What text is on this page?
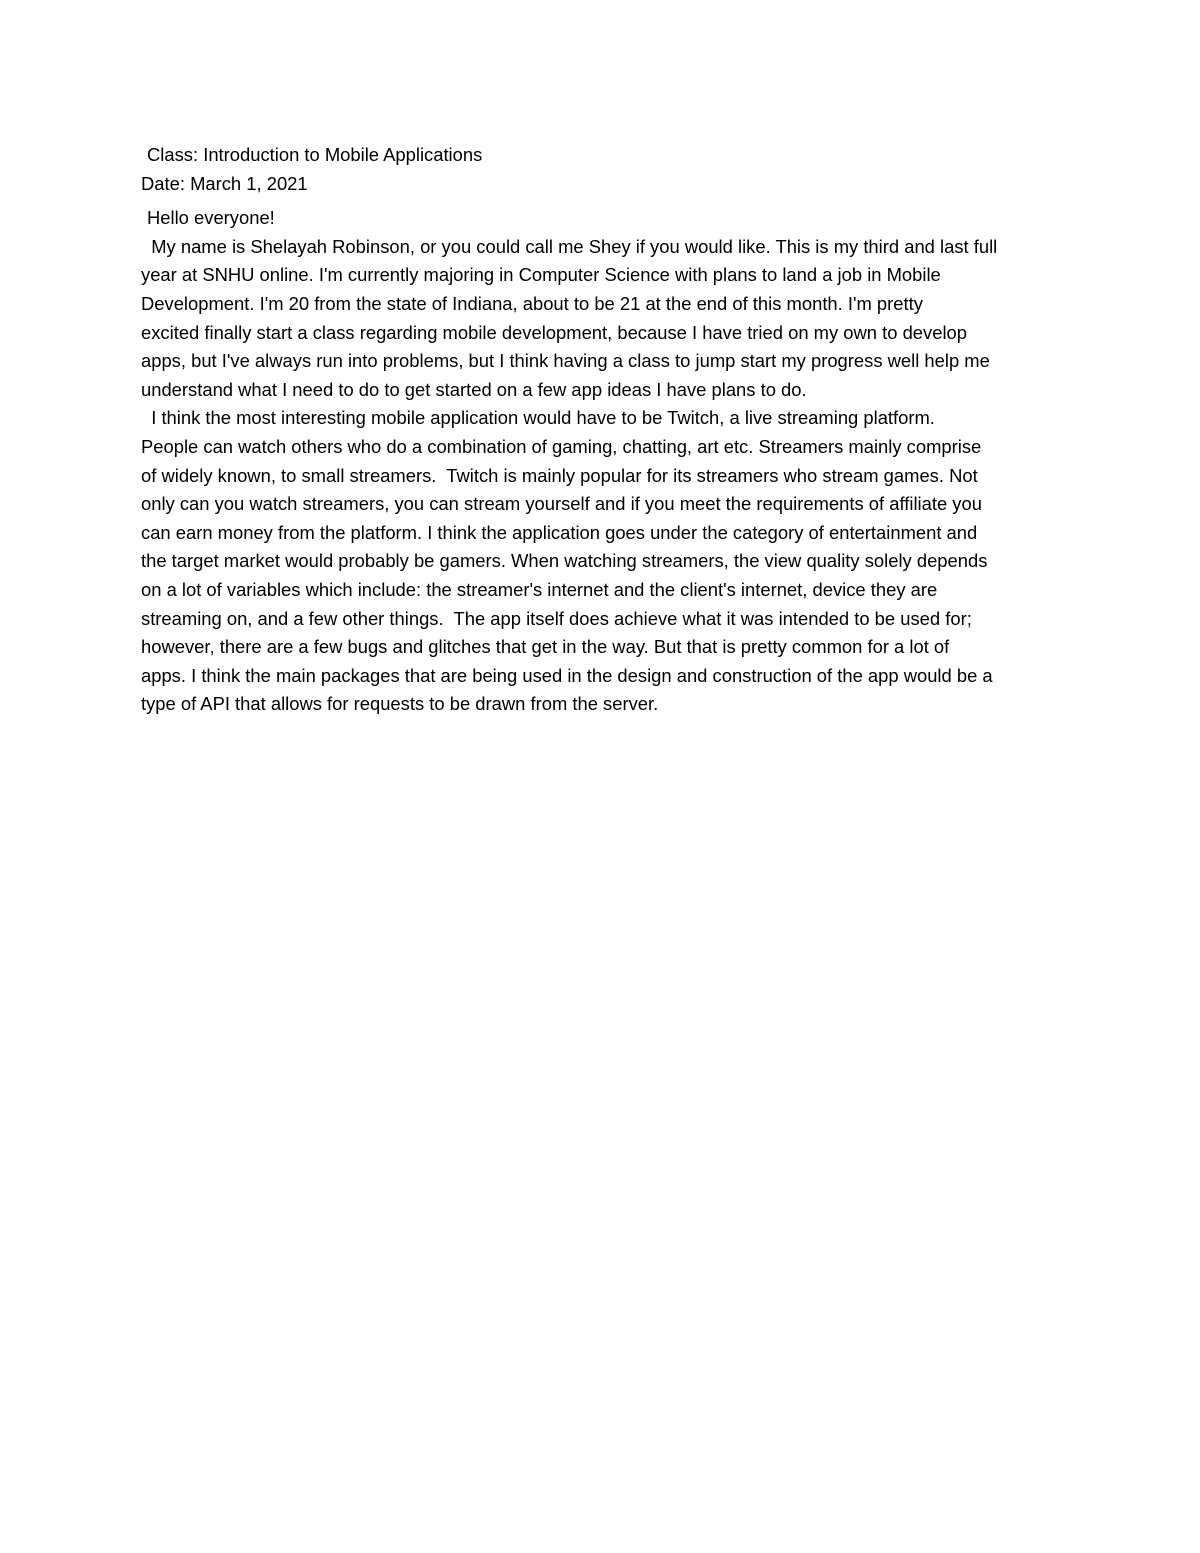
Class: Introduction to Mobile Applications
Date: March 1, 2021
Hello everyone!
My name is Shelayah Robinson, or you could call me Shey if you would like. This is my third and last full
year at SNHU online. I'm currently majoring in Computer Science with plans to land a job in Mobile
Development. I'm 20 from the state of Indiana, about to be 21 at the end of this month. I'm pretty
excited finally start a class regarding mobile development, because I have tried on my own to develop
apps, but I've always run into problems, but I think having a class to jump start my progress well help me
understand what I need to do to get started on a few app ideas I have plans to do.
I think the most interesting mobile application would have to be Twitch, a live streaming platform.
People can watch others who do a combination of gaming, chatting, art etc. Streamers mainly comprise
of widely known, to small streamers.  Twitch is mainly popular for its streamers who stream games. Not
only can you watch streamers, you can stream yourself and if you meet the requirements of affiliate you
can earn money from the platform. I think the application goes under the category of entertainment and
the target market would probably be gamers. When watching streamers, the view quality solely depends
on a lot of variables which include: the streamer's internet and the client's internet, device they are
streaming on, and a few other things.  The app itself does achieve what it was intended to be used for;
however, there are a few bugs and glitches that get in the way. But that is pretty common for a lot of
apps. I think the main packages that are being used in the design and construction of the app would be a
type of API that allows for requests to be drawn from the server.
